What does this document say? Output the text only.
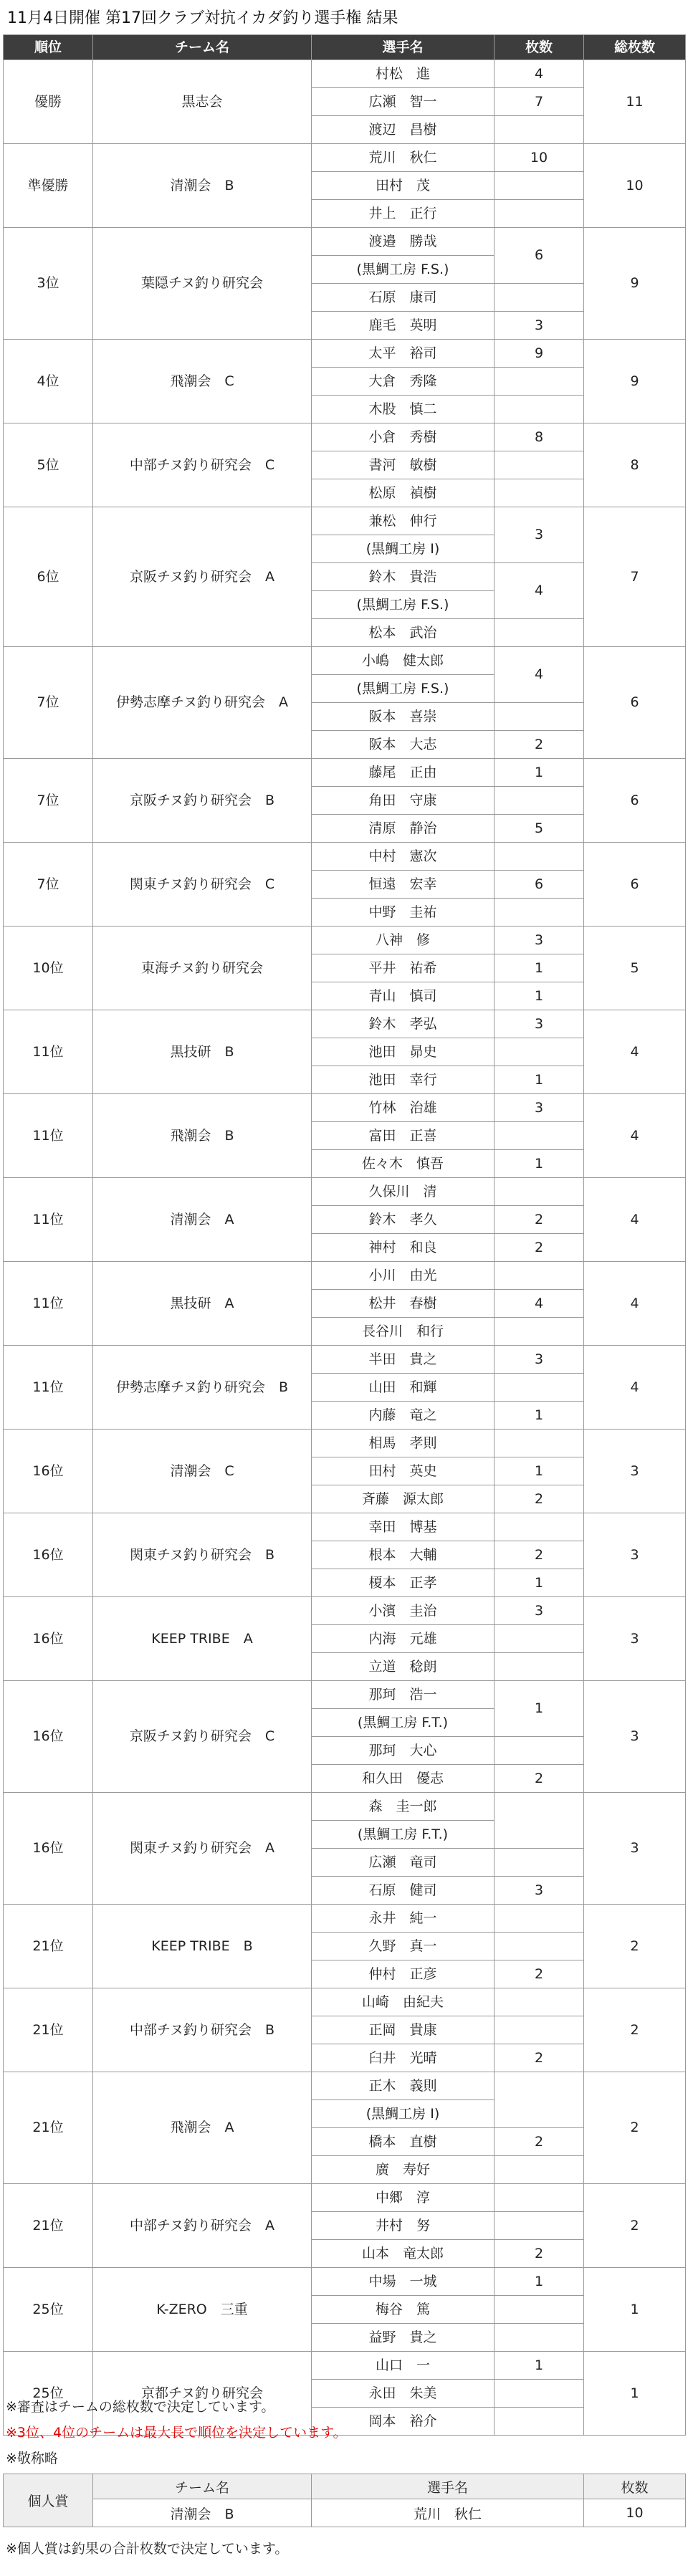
11月4日開催 第17回クラブ対抗イカダ釣り選手権 結果
順位	チーム名	選手名	枚数	総枚数
優勝	黒志会	村松　進	4	11
		広瀬　智一	7	
		渡辺　昌樹		
準優勝	清潮会　B	荒川　秋仁	10	10
		田村　茂		
		井上　正行		
3位	葉隠チヌ釣り研究会	渡邉　勝哉	6	9
		(黒鯛工房 F.S.)		
		石原　康司		
		鹿毛　英明	3	
4位	飛潮会　C	太平　裕司	9	9
		大倉　秀隆		
		木股　慎二		
5位	中部チヌ釣り研究会　C	小倉　秀樹	8	8
		書河　敏樹		
		松原　禎樹		
6位	京阪チヌ釣り研究会　A	兼松　伸行	3	7
		(黒鯛工房 I)		
		鈴木　貴浩	4	
		(黒鯛工房 F.S.)		
		松本　武治		
7位	伊勢志摩チヌ釣り研究会　A	小嶋　健太郎	4	6
		(黒鯛工房 F.S.)		
		阪本　喜崇		
		阪本　大志	2	
7位	京阪チヌ釣り研究会　B	藤尾　正由	1	6
		角田　守康		
		清原　静治	5	
7位	関東チヌ釣り研究会　C	中村　憲次		6
		恒遠　宏幸	6	
		中野　圭祐		
10位	東海チヌ釣り研究会	八神　修	3	5
		平井　祐希	1	
		青山　慎司	1	
11位	黒技研　B	鈴木　孝弘	3	4
		池田　昴史		
		池田　幸行	1	
11位	飛潮会　B	竹林　治雄	3	4
		富田　正喜		
		佐々木　慎吾	1	
11位	清潮会　A	久保川　清		4
		鈴木　孝久	2	
		神村　和良	2	
11位	黒技研　A	小川　由光		4
		松井　春樹	4	
		長谷川　和行		
11位	伊勢志摩チヌ釣り研究会　B	半田　貴之	3	4
		山田　和輝		
		内藤　竜之	1	
16位	清潮会　C	相馬　孝則		3
		田村　英史	1	
		斉藤　源太郎	2	
16位	関東チヌ釣り研究会　B	幸田　博基		3
		根本　大輔	2	
		榎本　正孝	1	
16位	KEEP TRIBE　A	小濱　圭治	3	3
		内海　元雄		
		立道　稔朗		
16位	京阪チヌ釣り研究会　C	那珂　浩一	1	3
		(黒鯛工房 F.T.)		
		那珂　大心		
		和久田　優志	2	
16位	関東チヌ釣り研究会　A	森　圭一郎		3
		(黒鯛工房 F.T.)		
		広瀬　竜司		
		石原　健司	3	
21位	KEEP TRIBE　B	永井　純一		2
		久野　真一		
		仲村　正彦	2	
21位	中部チヌ釣り研究会　B	山崎　由紀夫		2
		正岡　貴康		
		臼井　光晴	2	
21位	飛潮会　A	正木　義則		2
		(黒鯛工房 I)		
		橋本　直樹	2	
		廣　寿好		
21位	中部チヌ釣り研究会　A	中郷　淳		2
		井村　努		
		山本　竜太郎	2	
25位	K-ZERO　三重	中場　一城	1	1
		梅谷　篤		
		益野　貴之		
25位	京都チヌ釣り研究会	山口　一	1	1
		永田　朱美		
		岡本　裕介		
※審査はチームの総枚数で決定しています。
※3位、4位のチームは最大長で順位を決定しています。
※敬称略
個人賞	チーム名	選手名	枚数
	清潮会　B	荒川　秋仁	10
※個人賞は釣果の合計枚数で決定しています。
